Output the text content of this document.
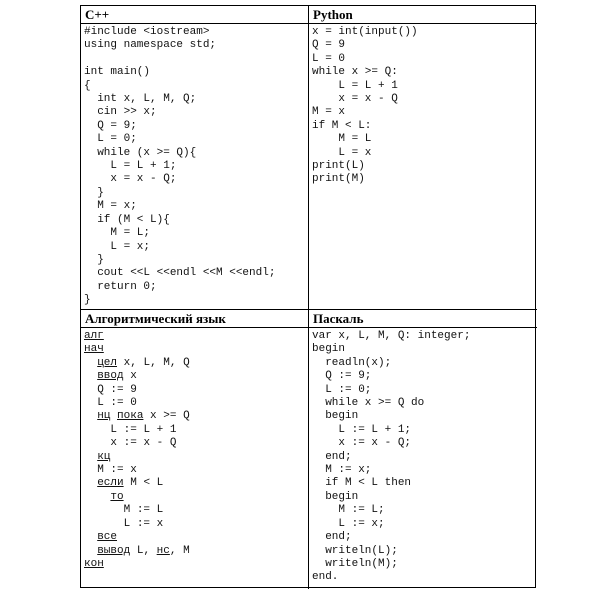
C++	Python
#include <iostream>
using namespace std;

int main()
{
int x, L, M, Q;
cin >> x;
Q = 9;
L = 0;
while (x >= Q){
L = L + 1;
x = x - Q;
}
M = x;
if (M < L){
M = L;
L = x;
}
cout <<L <<endl <<M <<endl;
return 0;
}
x = int(input())
Q = 9
L = 0
while x >= Q:
L = L + 1
x = x - Q
M = x
if M < L:
M = L
L = x
print(L)
print(M)
Алгоритмический язык	Паскаль
алг
нач
цел x, L, M, Q
ввод x
Q := 9
L := 0
нц пока x >= Q
L := L + 1
x := x - Q
кц
M := x
если M < L
то
M := L
L := x
все
вывод L, нс, M
кон
var x, L, M, Q: integer;
begin
readln(x);
Q := 9;
L := 0;
while x >= Q do
begin
L := L + 1;
x := x - Q;
end;
M := x;
if M < L then
begin
M := L;
L := x;
end;
writeln(L);
writeln(M);
end.
